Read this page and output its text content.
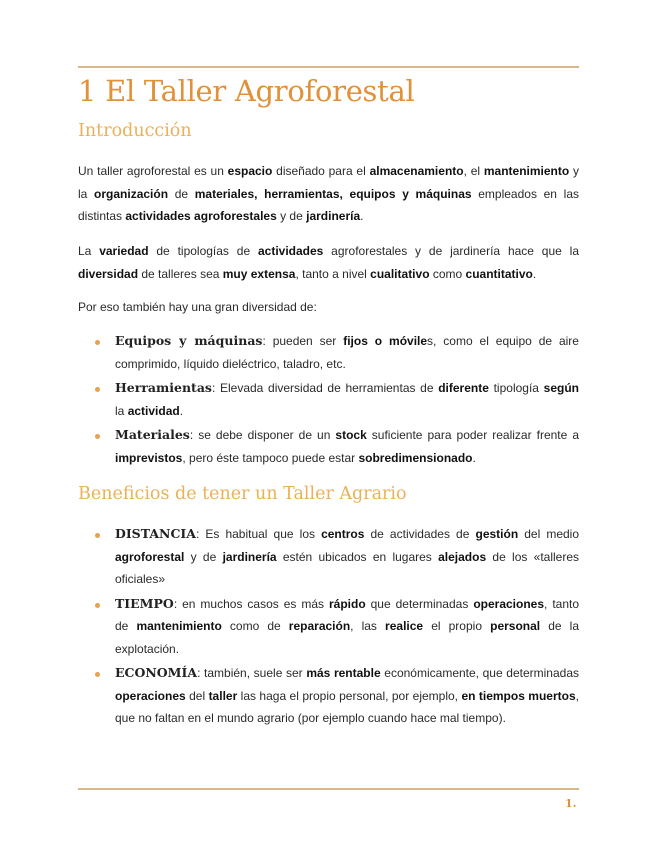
1 El Taller Agroforestal
Introducción

Un taller agroforestal es un espacio diseñado para el almacenamiento, el mantenimiento y la organización de materiales, herramientas, equipos y máquinas empleados en las distintas actividades agroforestales y de jardinería.

La variedad de tipologías de actividades agroforestales y de jardinería hace que la diversidad de talleres sea muy extensa, tanto a nivel cualitativo como cuantitativo.

Por eso también hay una gran diversidad de:

Equipos y máquinas: pueden ser fijos o móviles, como el equipo de aire comprimido, líquido dieléctrico, taladro, etc.
Herramientas: Elevada diversidad de herramientas de diferente tipología según la actividad.
Materiales: se debe disponer de un stock suficiente para poder realizar frente a imprevistos, pero éste tampoco puede estar sobredimensionado.
Beneficios de tener un Taller Agrario
DISTANCIA: Es habitual que los centros de actividades de gestión del medio agroforestal y de jardinería estén ubicados en lugares alejados de los «talleres oficiales»
TIEMPO: en muchos casos es más rápido que determinadas operaciones, tanto de mantenimiento como de reparación, las realice el propio personal de la explotación.
ECONOMÍA: también, suele ser más rentable económicamente, que determinadas operaciones del taller las haga el propio personal, por ejemplo, en tiempos muertos, que no faltan en el mundo agrario (por ejemplo cuando hace mal tiempo).
1.
